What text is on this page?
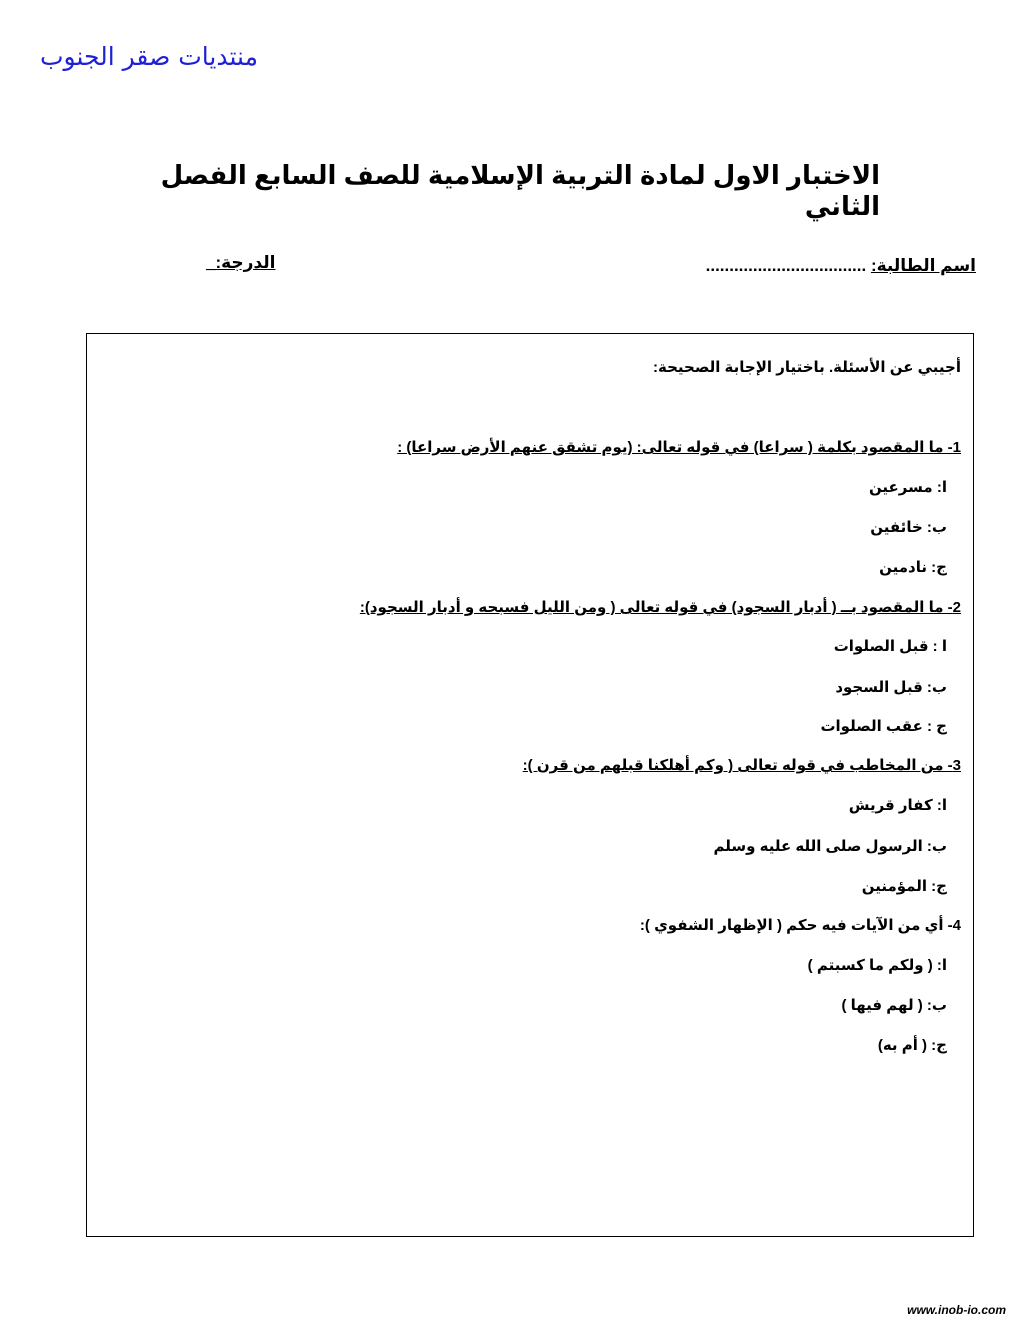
منتديات صقر الجنوب
الاختبار الاول لمادة التربية الإسلامية للصف السابع الفصل الثاني
اسم الطالبة: ..................................
الدرجة:_
أجيبي عن الأسئلة. باختيار الإجابة الصحيحة:
1- ما المقصود بكلمة ( سراعا) في قوله تعالى: (يوم تشقق عنهم الأرض سراعا) :
ا: مسرعين
ب: خائفين
ج: نادمين
2- ما المقصود بــ ( أدبار السجود) في قوله تعالى ( ومن الليل فسبحه و أدبار السجود):
ا : قبل الصلوات
ب: قبل السجود
ج : عقب الصلوات
3- من المخاطب في قوله تعالى ( وكم أهلكنا قبلهم من قرن ):
ا: كفار قريش
ب: الرسول صلى الله عليه وسلم
ج: المؤمنين
4- أي من الآيات فيه حكم ( الإظهار الشفوي ):
ا: ( ولكم ما كسبتم )
ب: ( لهم فيها )
ج: ( أم به)
www.inob-io.com
